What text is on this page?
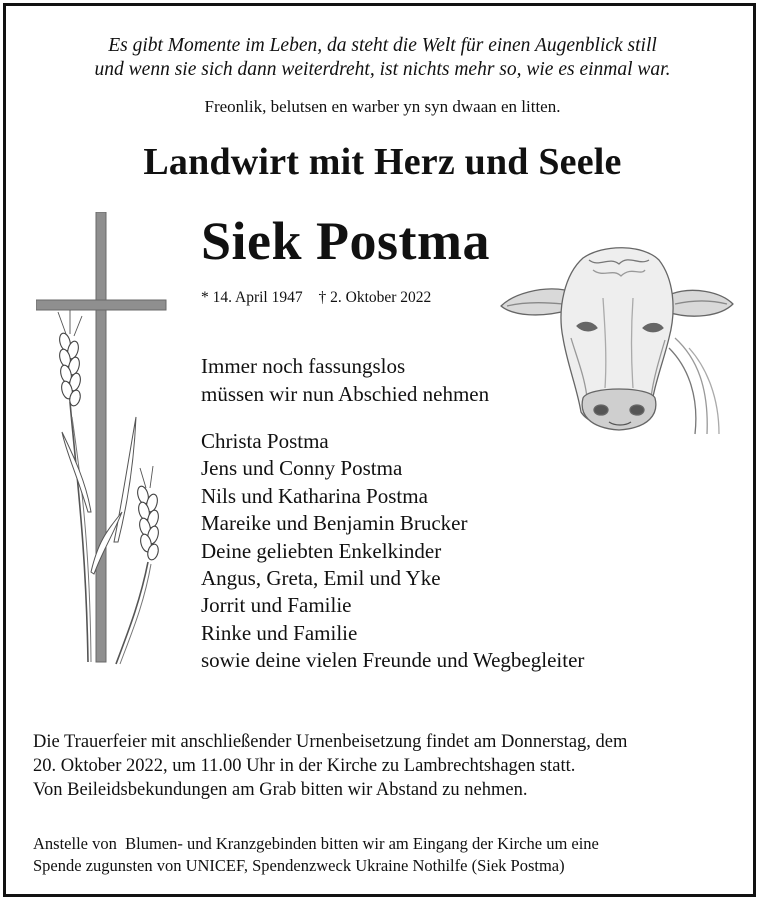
Es gibt Momente im Leben, da steht die Welt für einen Augenblick still
und wenn sie sich dann weiterdreht, ist nichts mehr so, wie es einmal war.
Freonlik, belutsen en warber yn syn dwaan en litten.
Landwirt mit Herz und Seele
Siek Postma
* 14. April 1947 † 2. Oktober 2022
Immer noch fassungslos
müssen wir nun Abschied nehmen
Christa Postma
Jens und Conny Postma
Nils und Katharina Postma
Mareike und Benjamin Brucker
Deine geliebten Enkelkinder
Angus, Greta, Emil und Yke
Jorrit und Familie
Rinke und Familie
sowie deine vielen Freunde und Wegbegleiter
Die Trauerfeier mit anschließender Urnenbeisetzung findet am Donnerstag, dem
20. Oktober 2022, um 11.00 Uhr in der Kirche zu Lambrechtshagen statt.
Von Beileidsbekundungen am Grab bitten wir Abstand zu nehmen.
Anstelle von  Blumen- und Kranzgebinden bitten wir am Eingang der Kirche um eine
Spende zugunsten von UNICEF, Spendenzweck Ukraine Nothilfe (Siek Postma)
